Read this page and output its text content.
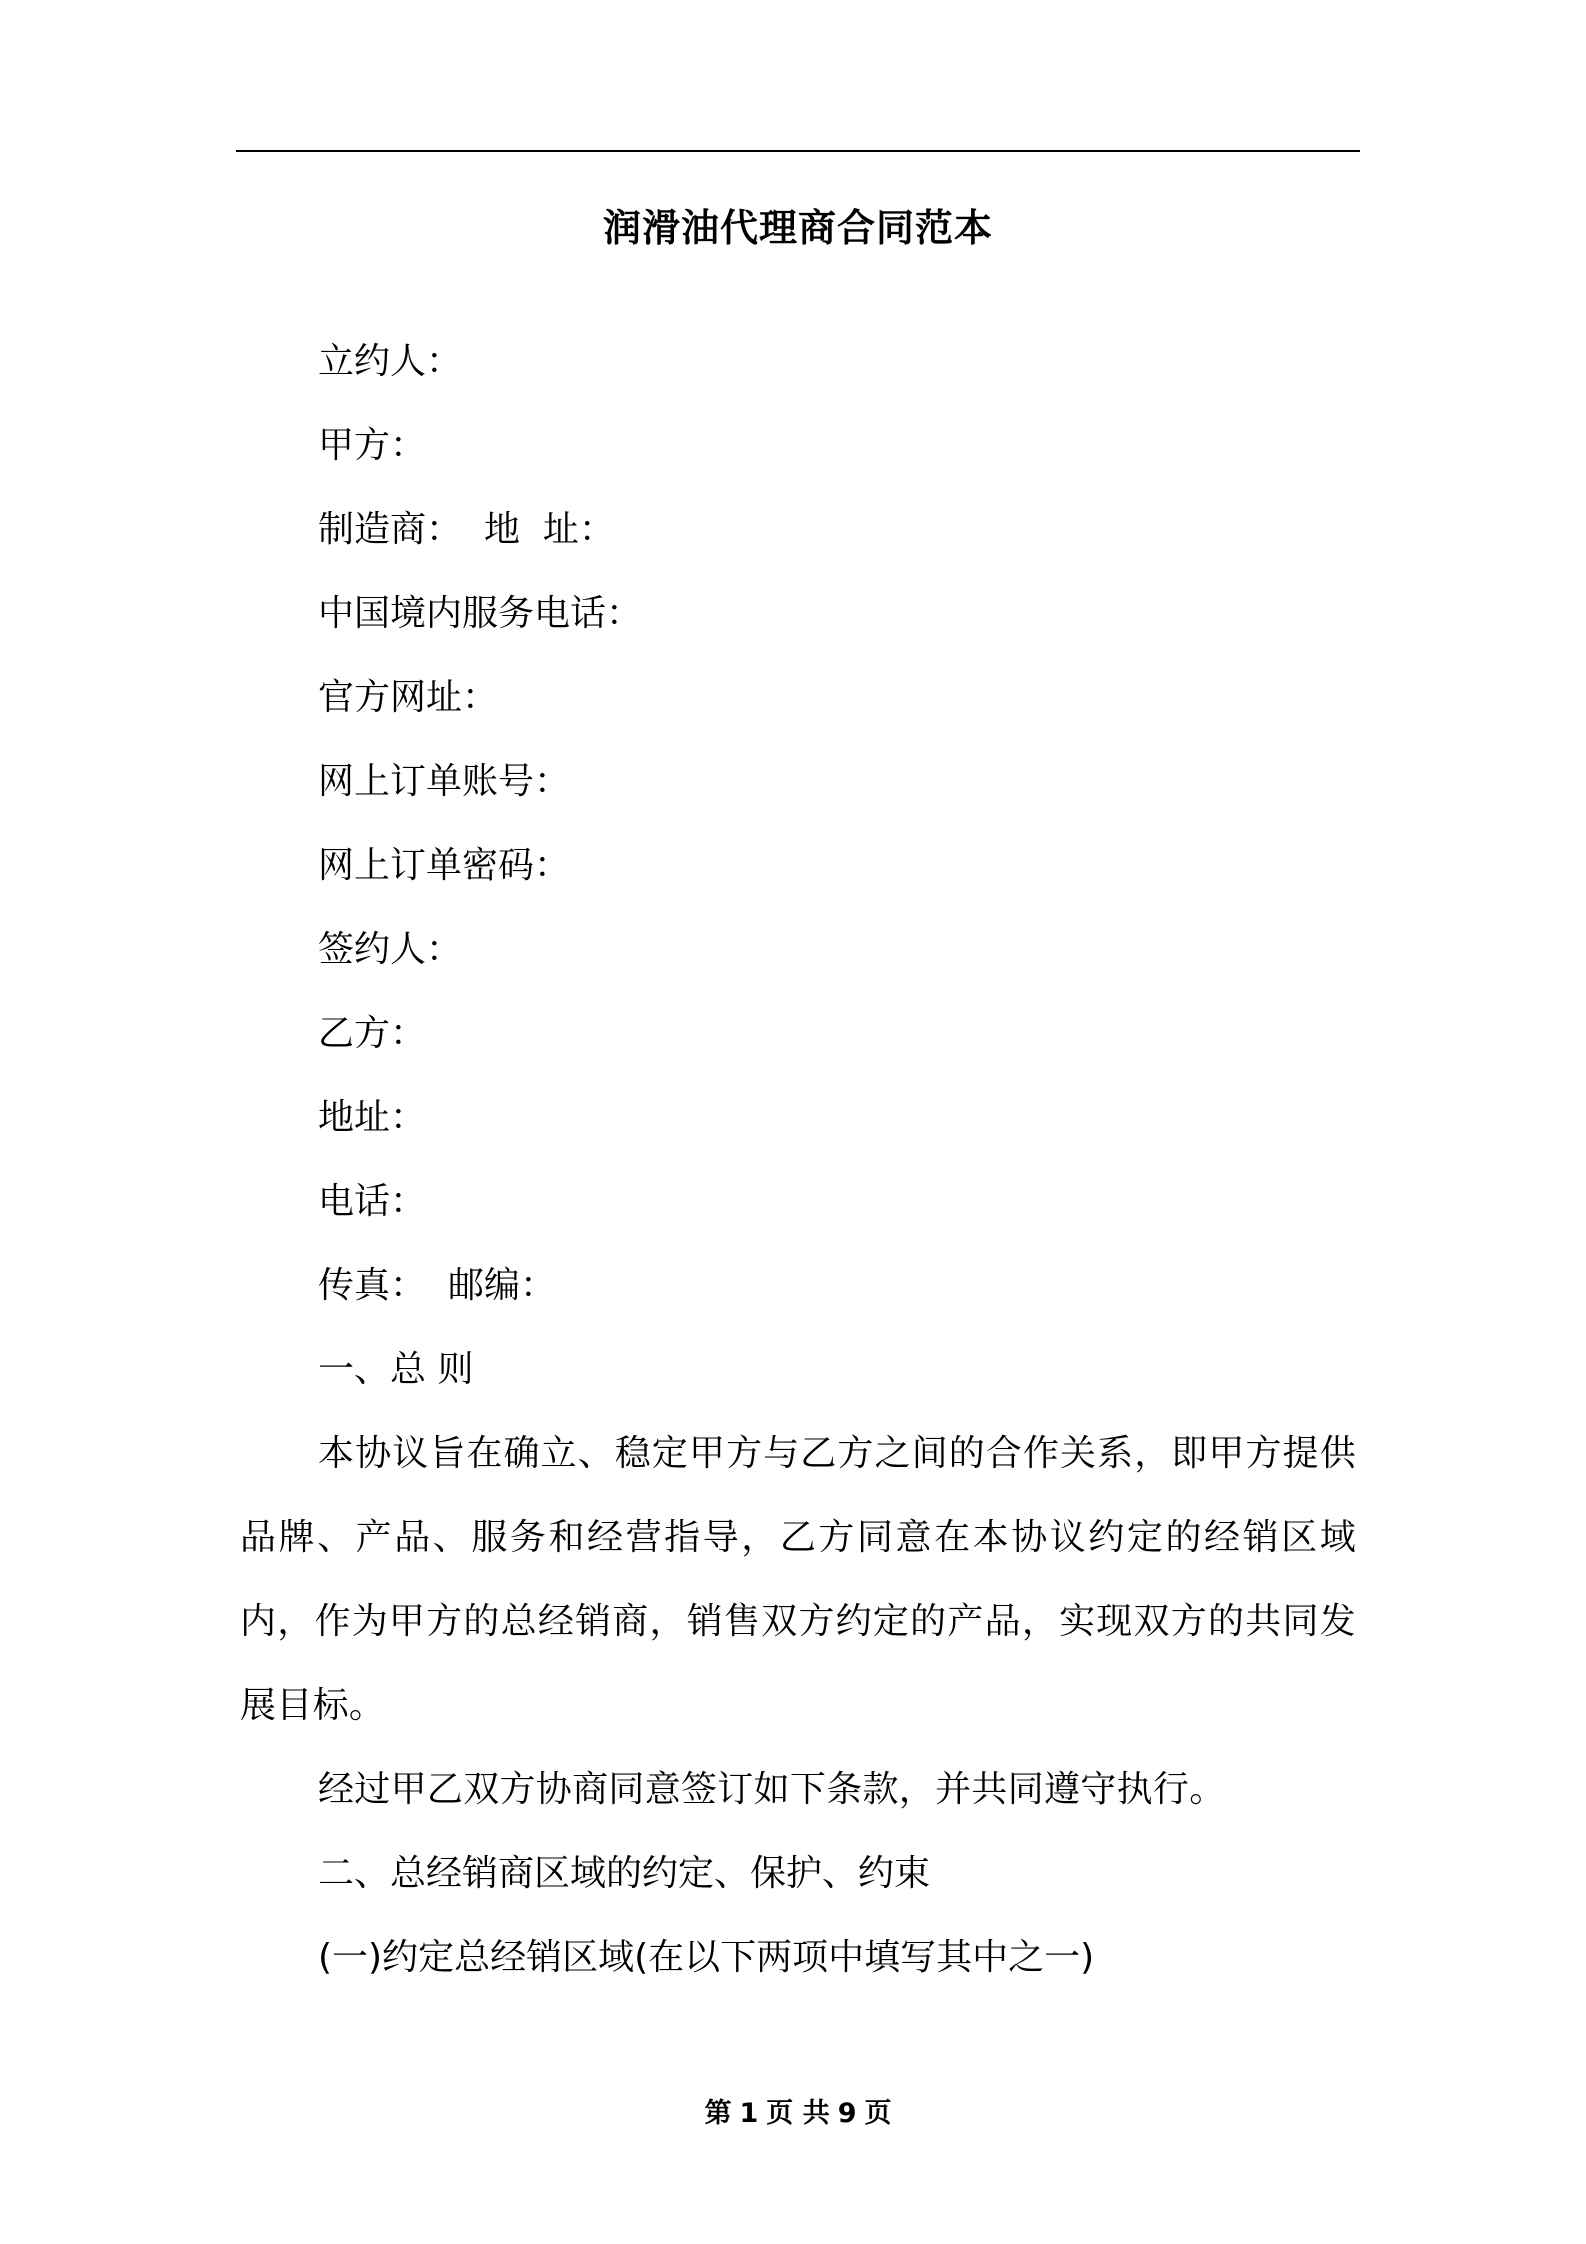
润滑油代理商合同范本
立约人：
甲方：
制造商： 地  址：
中国境内服务电话：
官方网址：
网上订单账号：
网上订单密码：
签约人：
乙方：
地址：
电话：
传真： 邮编：
一、总 则
本协议旨在确立、稳定甲方与乙方之间的合作关系，即甲方提供品牌、产品、服务和经营指导，乙方同意在本协议约定的经销区域内，作为甲方的总经销商，销售双方约定的产品，实现双方的共同发展目标。
经过甲乙双方协商同意签订如下条款，并共同遵守执行。
二、总经销商区域的约定、保护、约束
(一)约定总经销区域(在以下两项中填写其中之一)
第 1 页 共 9 页
